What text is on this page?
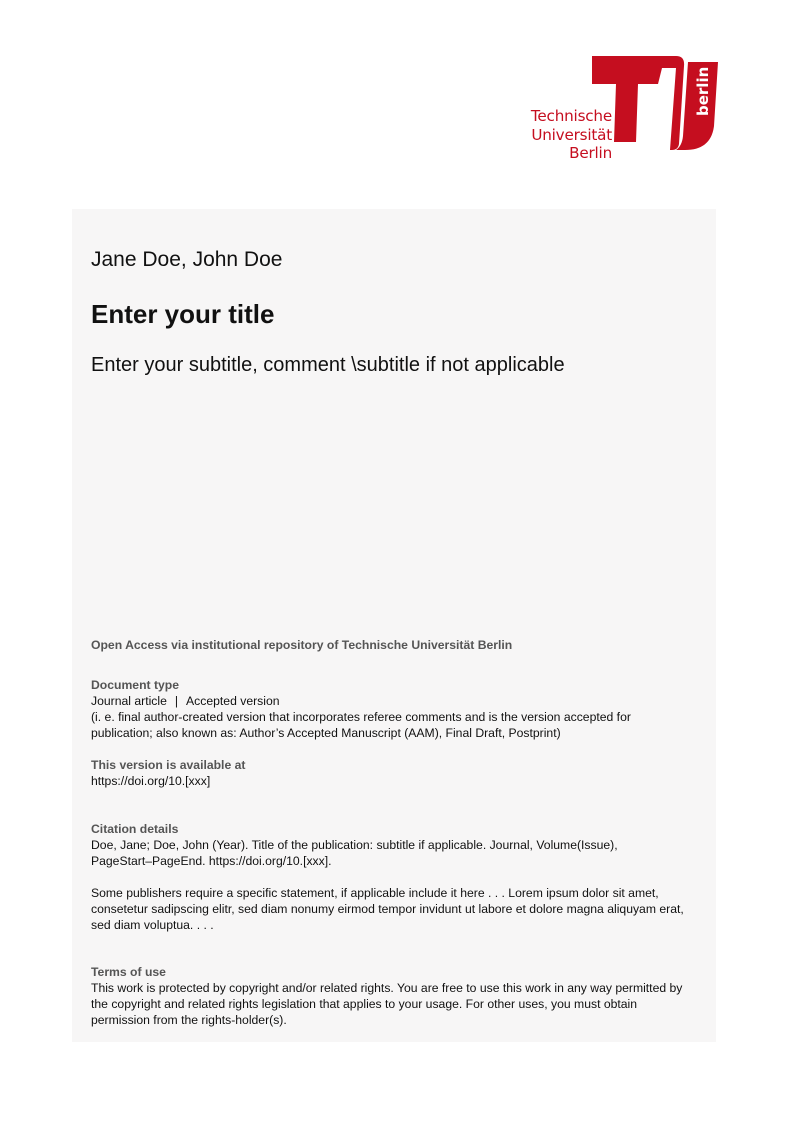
Technische
Universität
Berlin
berlin
Jane Doe, John Doe
Enter your title
Enter your subtitle, comment \subtitle if not applicable
Open Access via institutional repository of Technische Universität Berlin
Document type
Journal article | Accepted version
(i. e. final author-created version that incorporates referee comments and is the version accepted for
publication; also known as: Author’s Accepted Manuscript (AAM), Final Draft, Postprint)
This version is available at
https://doi.org/10.[xxx]
Citation details
Doe, Jane; Doe, John (Year). Title of the publication: subtitle if applicable. Journal, Volume(Issue),
PageStart–PageEnd. https://doi.org/10.[xxx].
Some publishers require a specific statement, if applicable include it here . . . Lorem ipsum dolor sit amet,
consetetur sadipscing elitr, sed diam nonumy eirmod tempor invidunt ut labore et dolore magna aliquyam erat,
sed diam voluptua. . . .
Terms of use
This work is protected by copyright and/or related rights. You are free to use this work in any way permitted by
the copyright and related rights legislation that applies to your usage. For other uses, you must obtain
permission from the rights-holder(s).
